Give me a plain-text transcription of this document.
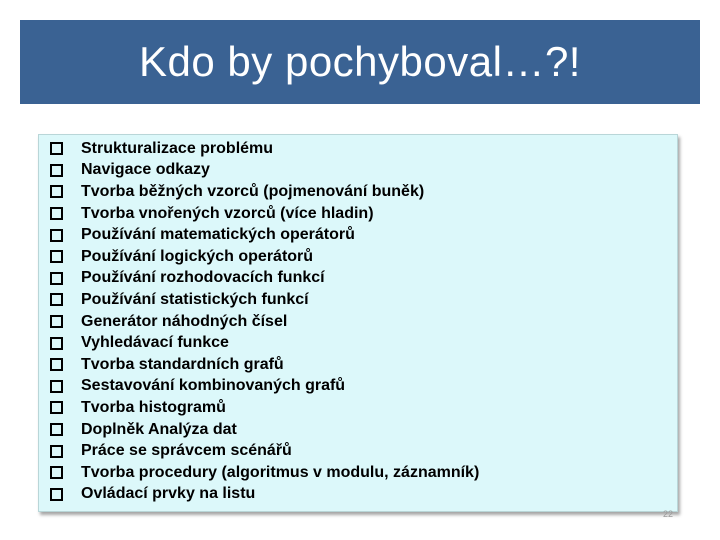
Kdo by pochyboval…?!
Strukturalizace problému
Navigace odkazy
Tvorba běžných vzorců (pojmenování buněk)
Tvorba vnořených vzorců (více hladin)
Používání matematických operátorů
Používání logických operátorů
Používání rozhodovacích funkcí
Používání statistických funkcí
Generátor náhodných čísel
Vyhledávací funkce
Tvorba standardních grafů
Sestavování kombinovaných grafů
Tvorba histogramů
Doplněk Analýza dat
Práce se správcem scénářů
Tvorba procedury (algoritmus v modulu, záznamník)
Ovládací prvky na listu
22
